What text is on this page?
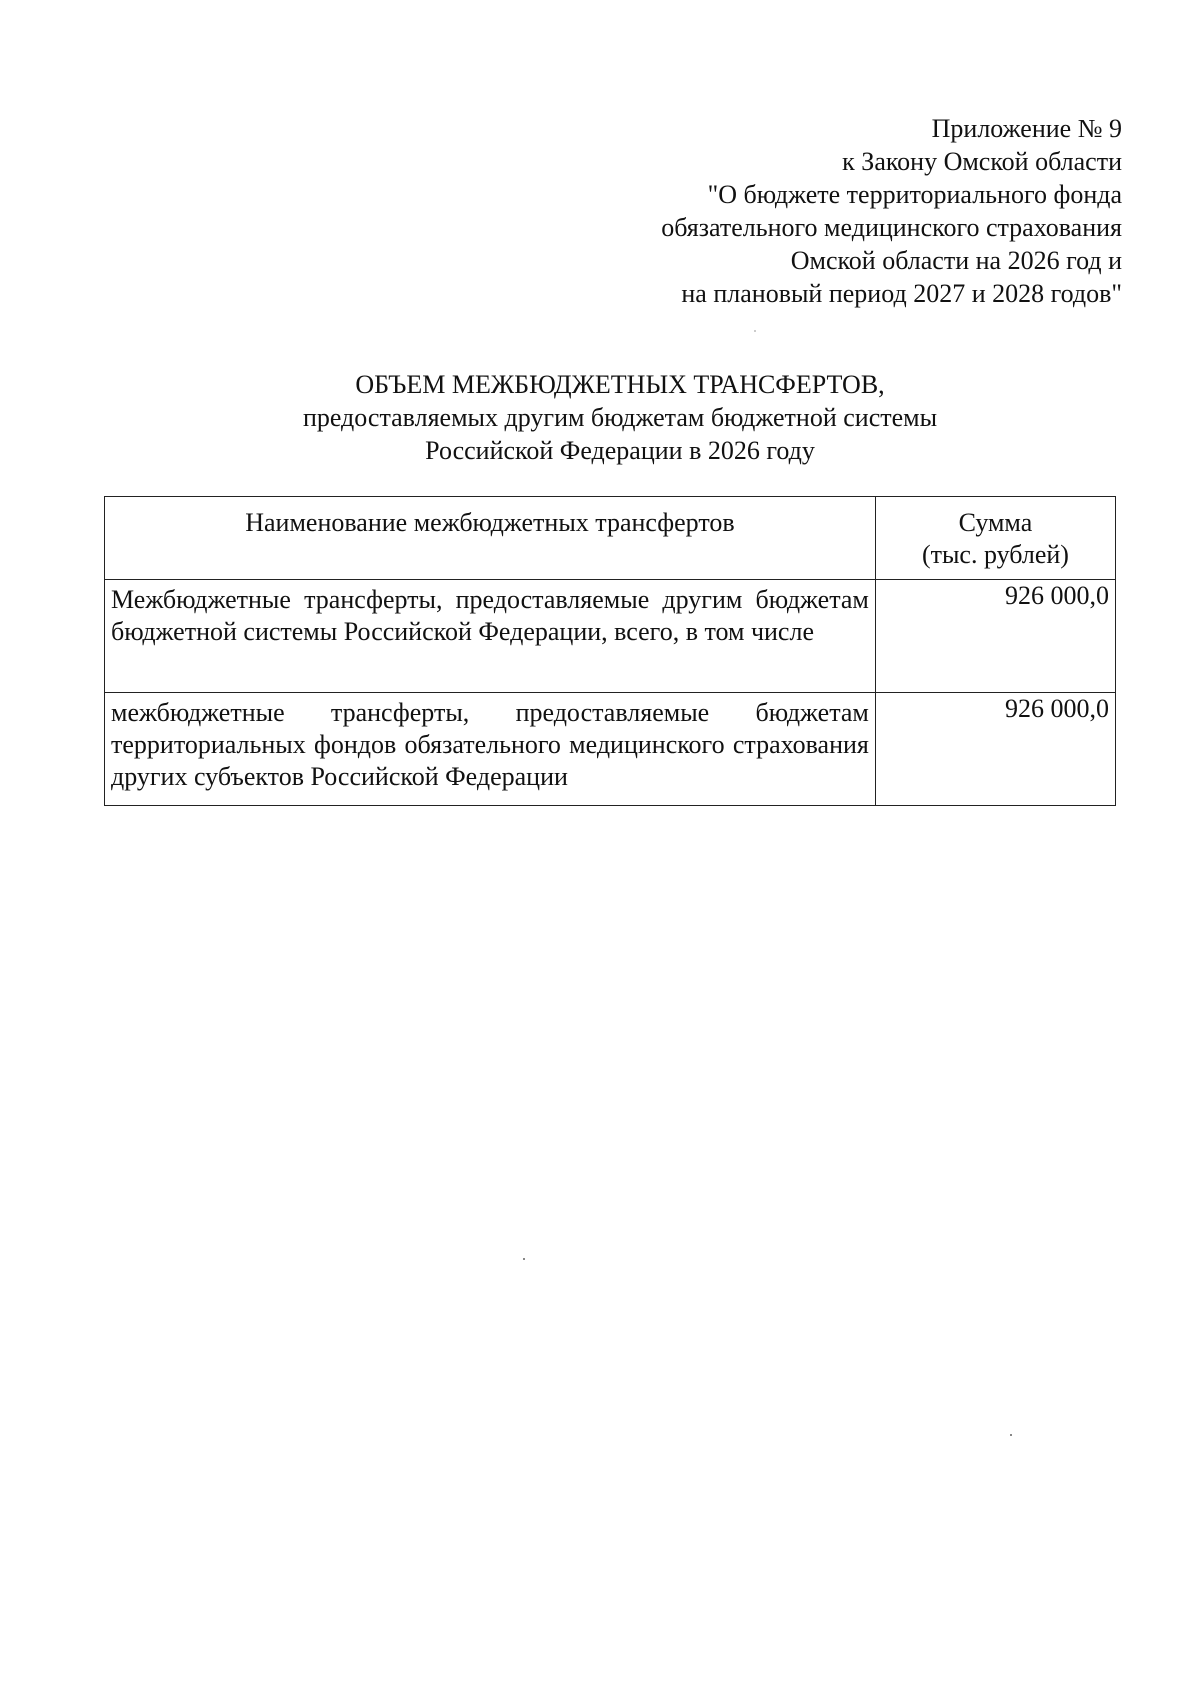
Приложение № 9
к Закону Омской области
"О бюджете территориального фонда
обязательного медицинского страхования
Омской области на 2026 год и
на плановый период 2027 и 2028 годов"
ОБЪЕМ МЕЖБЮДЖЕТНЫХ ТРАНСФЕРТОВ,
предоставляемых другим бюджетам бюджетной системы
Российской Федерации в 2026 году
Наименование межбюджетных трансфертов	Сумма
(тыс. рублей)

Межбюджетные трансферты, предоставляемые другим бюджетам бюджетной системы Российской Федерации, всего, в том числе	926 000,0
межбюджетные трансферты, предоставляемые бюджетам территориальных фондов обязательного медицинского страхования других субъектов Российской Федерации	926 000,0
